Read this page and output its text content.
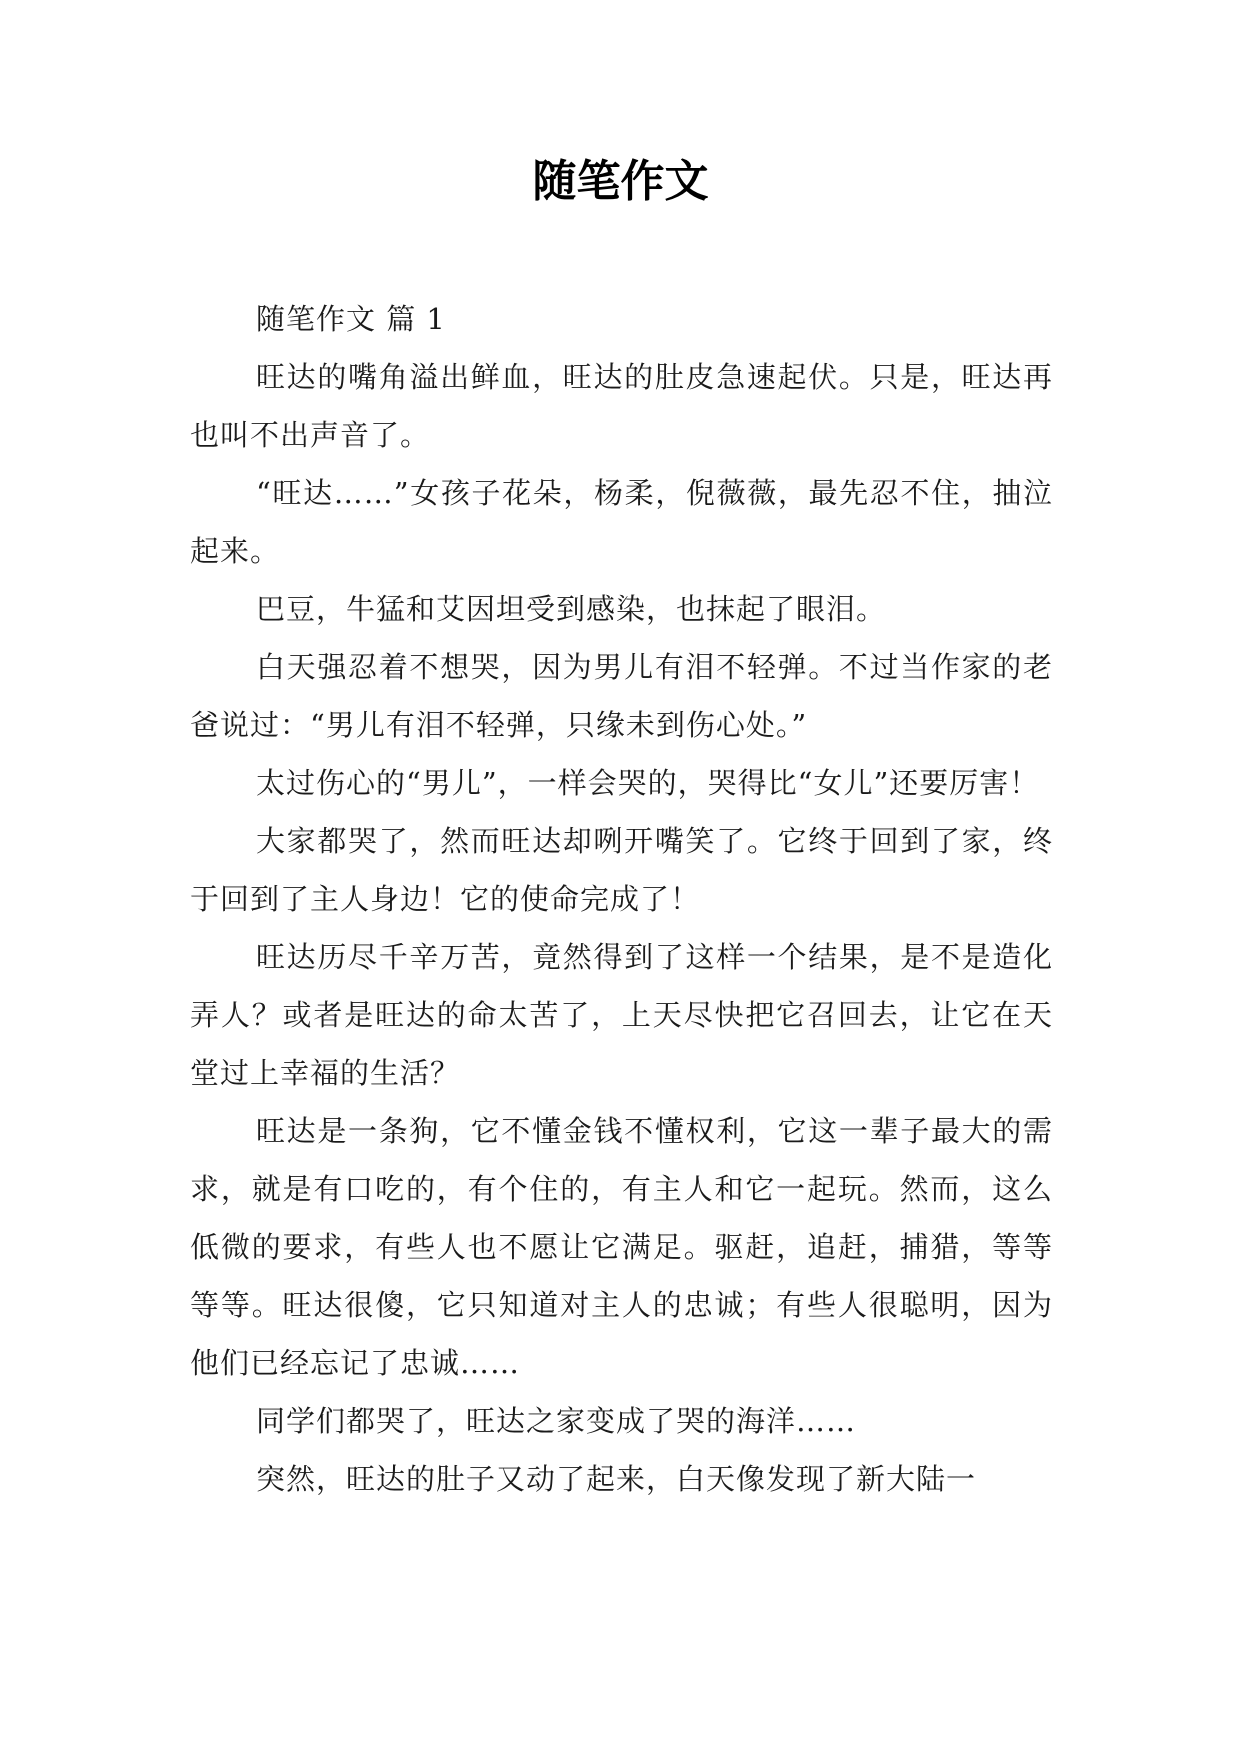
随笔作文

随笔作文 篇 1

旺达的嘴角溢出鲜血，旺达的肚皮急速起伏。只是，旺达再也叫不出声音了。

“旺达……”女孩子花朵，杨柔，倪薇薇，最先忍不住，抽泣起来。

巴豆，牛猛和艾因坦受到感染，也抹起了眼泪。

白天强忍着不想哭，因为男儿有泪不轻弹。不过当作家的老爸说过：“男儿有泪不轻弹，只缘未到伤心处。”

太过伤心的“男儿”，一样会哭的，哭得比“女儿”还要厉害！

大家都哭了，然而旺达却咧开嘴笑了。它终于回到了家，终于回到了主人身边！它的使命完成了！

旺达历尽千辛万苦，竟然得到了这样一个结果，是不是造化弄人？或者是旺达的命太苦了，上天尽快把它召回去，让它在天堂过上幸福的生活？

旺达是一条狗，它不懂金钱不懂权利，它这一辈子最大的需求，就是有口吃的，有个住的，有主人和它一起玩。然而，这么低微的要求，有些人也不愿让它满足。驱赶，追赶，捕猎，等等等等。旺达很傻，它只知道对主人的忠诚；有些人很聪明，因为他们已经忘记了忠诚……

同学们都哭了，旺达之家变成了哭的海洋……

突然，旺达的肚子又动了起来，白天像发现了新大陆一
